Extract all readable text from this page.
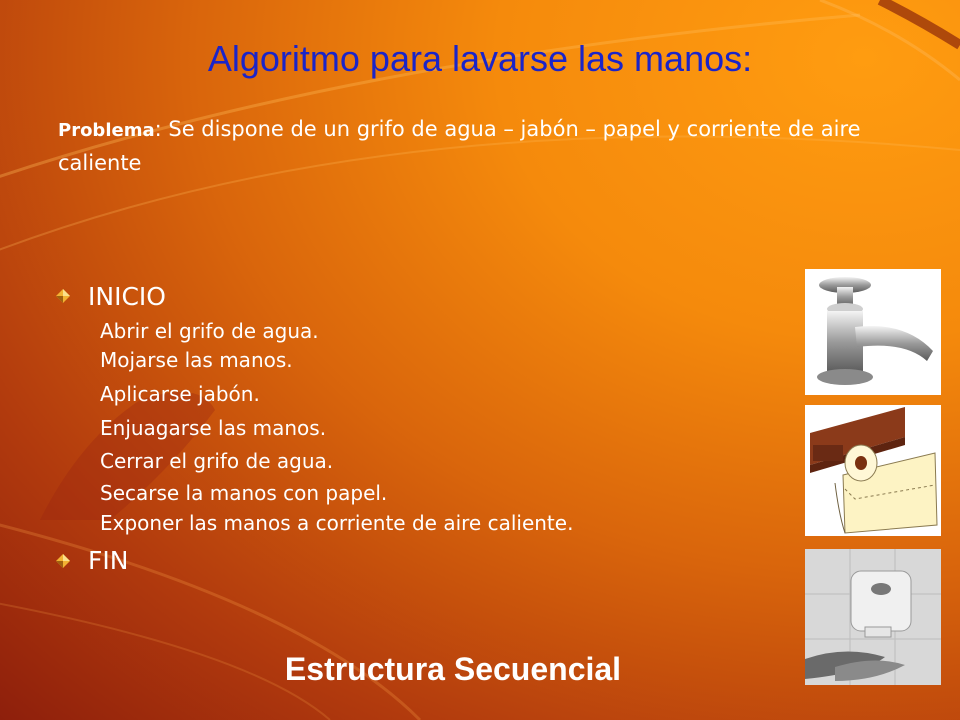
Algoritmo para lavarse las manos:
Problema: Se dispone de un grifo de agua – jabón – papel y corriente de aire caliente
INICIO
Abrir el grifo de agua.
Mojarse las manos.
Aplicarse jabón.
Enjuagarse las manos.
Cerrar el grifo de agua.
Secarse la manos con papel.
Exponer las manos a corriente de aire caliente.
FIN
Estructura Secuencial
